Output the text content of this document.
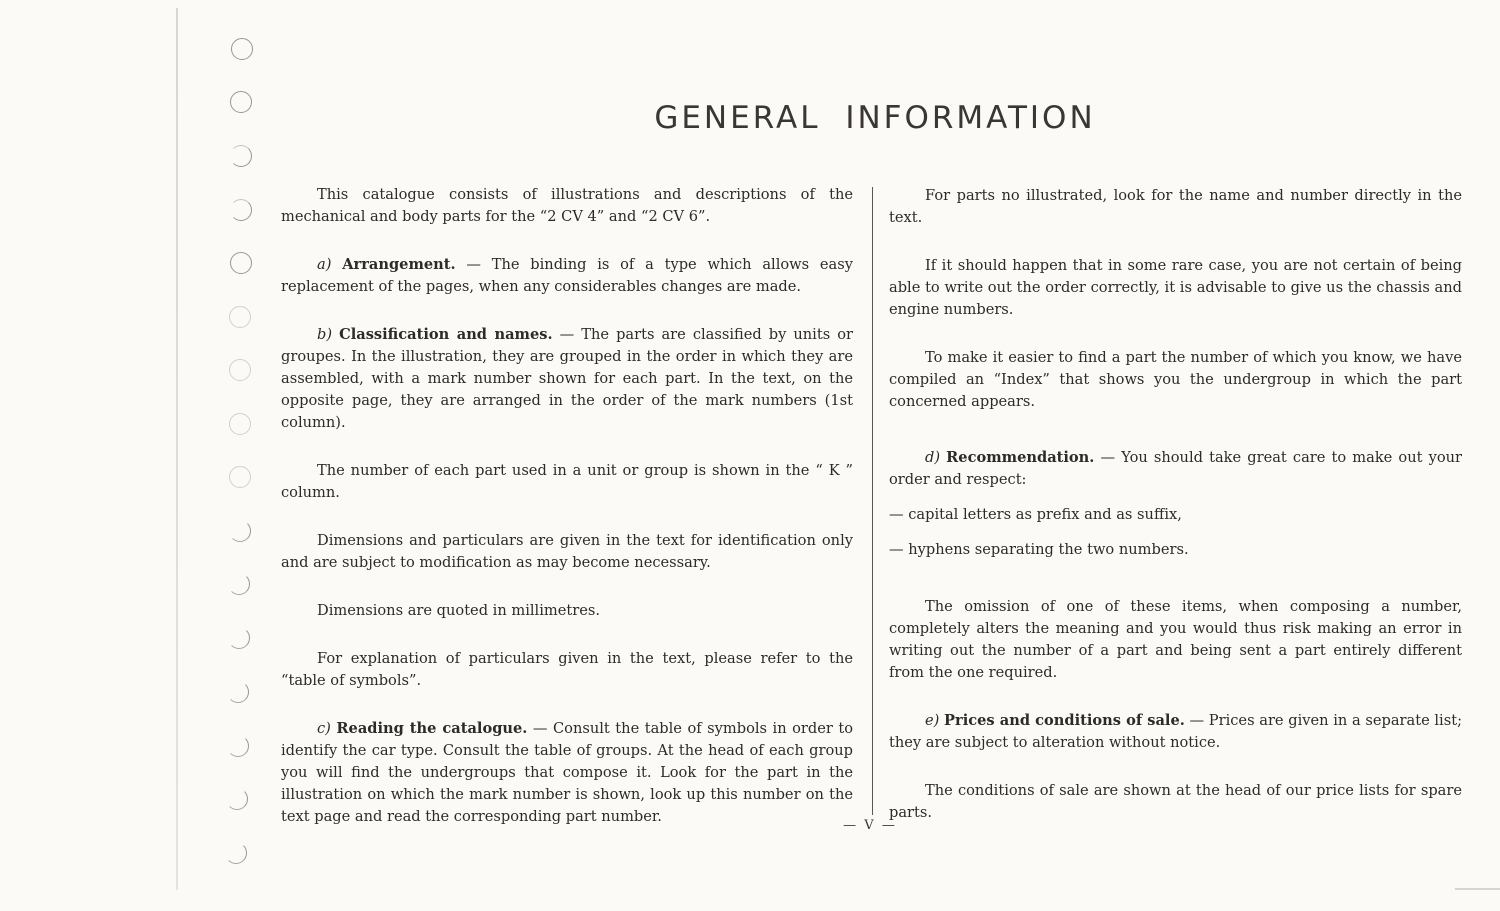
GENERAL INFORMATION

This catalogue consists of illustrations and descriptions of the mechanical and body parts for the “2 CV 4” and “2 CV 6”.

a) Arrangement. — The binding is of a type which allows easy replacement of the pages, when any considerables changes are made.

b) Classification and names. — The parts are classified by units or groupes. In the illustration, they are grouped in the order in which they are assembled, with a mark number shown for each part. In the text, on the opposite page, they are arranged in the order of the mark numbers (1st column).

The number of each part used in a unit or group is shown in the “ K ” column.

Dimensions and particulars are given in the text for identification only and are subject to modification as may become necessary.

Dimensions are quoted in millimetres.

For explanation of particulars given in the text, please refer to the “table of symbols”.

c) Reading the catalogue. — Consult the table of symbols in order to identify the car type. Consult the table of groups. At the head of each group you will find the undergroups that compose it. Look for the part in the illustration on which the mark number is shown, look up this number on the text page and read the corresponding part number.

For parts no illustrated, look for the name and number directly in the text.

If it should happen that in some rare case, you are not certain of being able to write out the order correctly, it is advisable to give us the chassis and engine numbers.

To make it easier to find a part the number of which you know, we have compiled an “Index” that shows you the undergroup in which the part concerned appears.

d) Recommendation. — You should take great care to make out your order and respect:

— capital letters as prefix and as suffix,

— hyphens separating the two numbers.

The omission of one of these items, when composing a number, completely alters the meaning and you would thus risk making an error in writing out the number of a part and being sent a part entirely different from the one required.

e) Prices and conditions of sale. — Prices are given in a separate list; they are subject to alteration without notice.

The conditions of sale are shown at the head of our price lists for spare parts.

— V —
